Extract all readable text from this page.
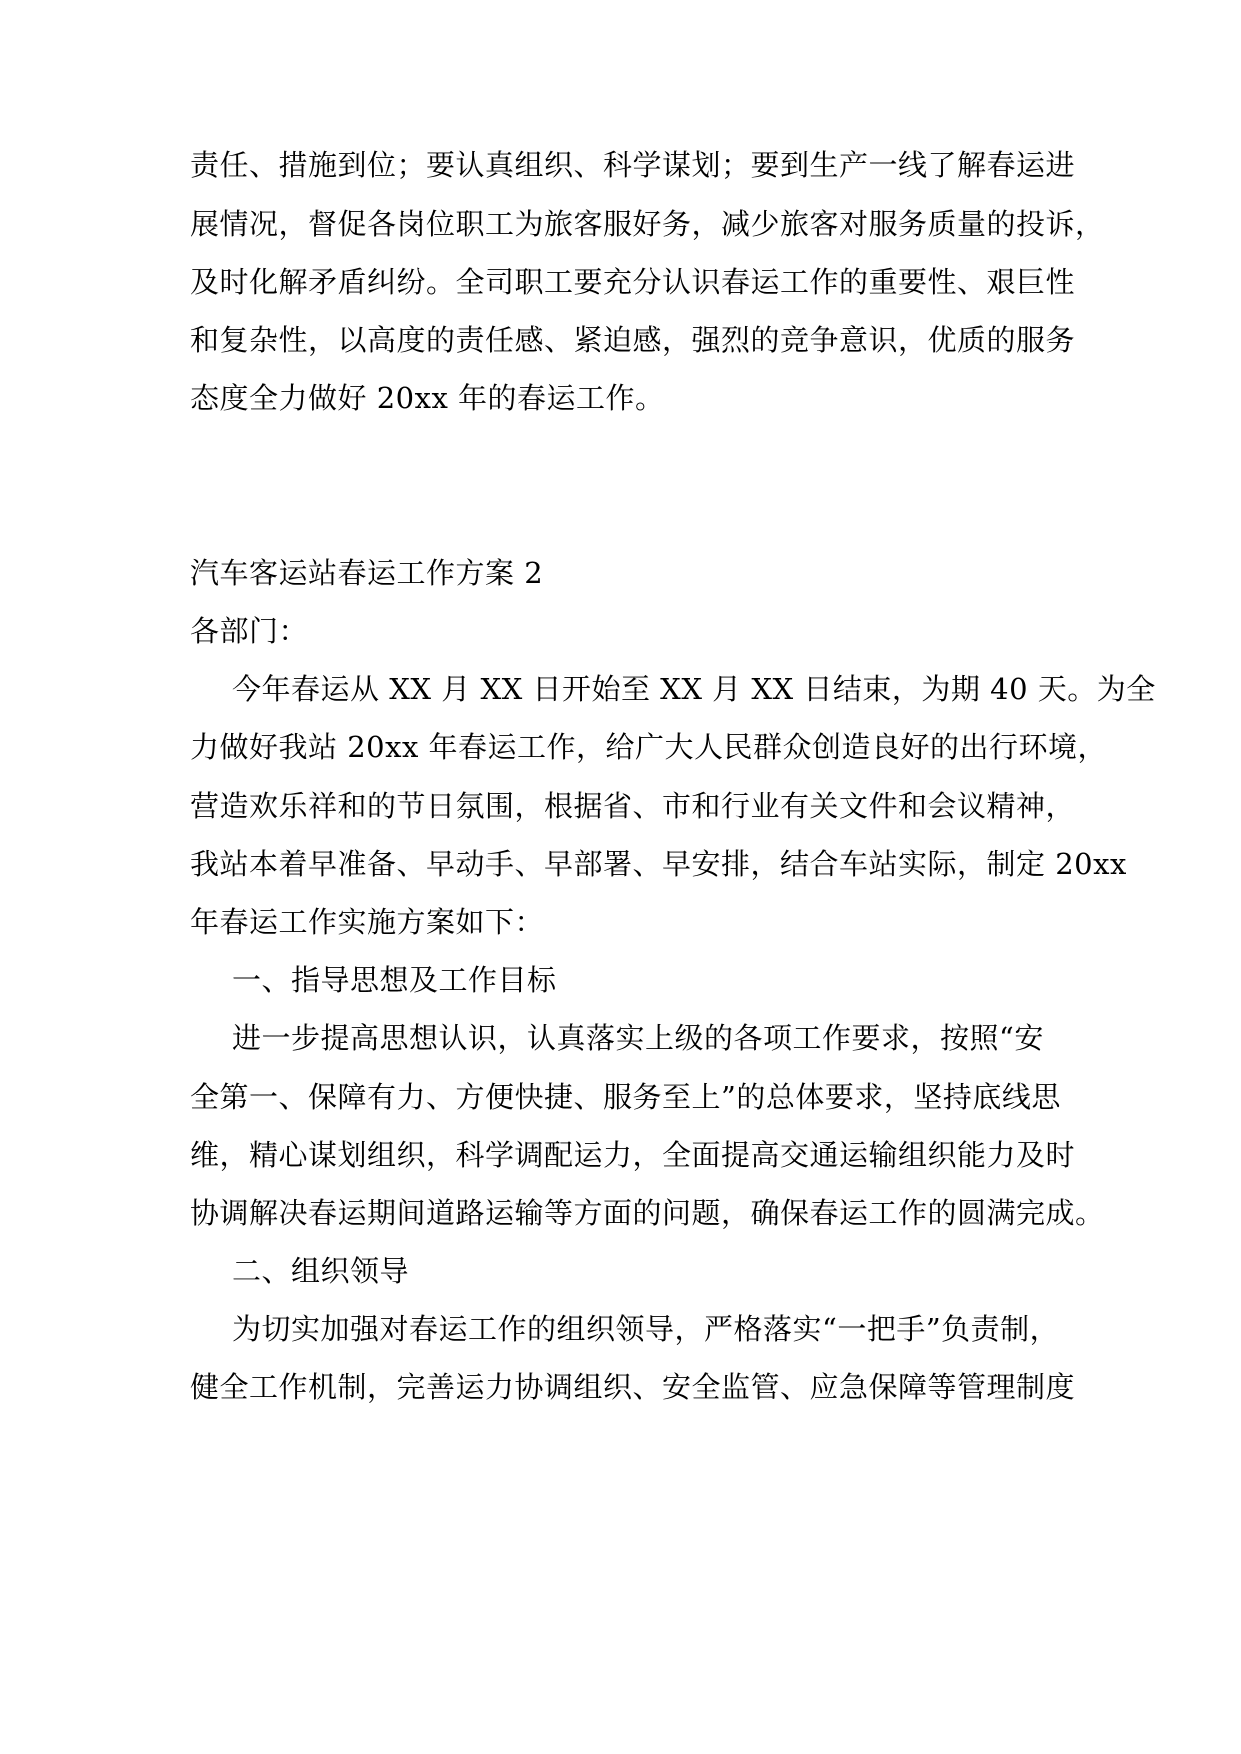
责任、措施到位；要认真组织、科学谋划；要到生产一线了解春运进
展情况，督促各岗位职工为旅客服好务，减少旅客对服务质量的投诉，
及时化解矛盾纠纷。全司职工要充分认识春运工作的重要性、艰巨性
和复杂性，以高度的责任感、紧迫感，强烈的竞争意识，优质的服务
态度全力做好 20xx 年的春运工作。
汽车客运站春运工作方案 2
各部门：
今年春运从 XX 月 XX 日开始至 XX 月 XX 日结束，为期 40 天。为全
力做好我站 20xx 年春运工作，给广大人民群众创造良好的出行环境，
营造欢乐祥和的节日氛围，根据省、市和行业有关文件和会议精神，
我站本着早准备、早动手、早部署、早安排，结合车站实际，制定 20xx
年春运工作实施方案如下：
一、指导思想及工作目标
进一步提高思想认识，认真落实上级的各项工作要求，按照“安
全第一、保障有力、方便快捷、服务至上”的总体要求，坚持底线思
维，精心谋划组织，科学调配运力，全面提高交通运输组织能力及时
协调解决春运期间道路运输等方面的问题，确保春运工作的圆满完成。
二、组织领导
为切实加强对春运工作的组织领导，严格落实“一把手”负责制，
健全工作机制，完善运力协调组织、安全监管、应急保障等管理制度
